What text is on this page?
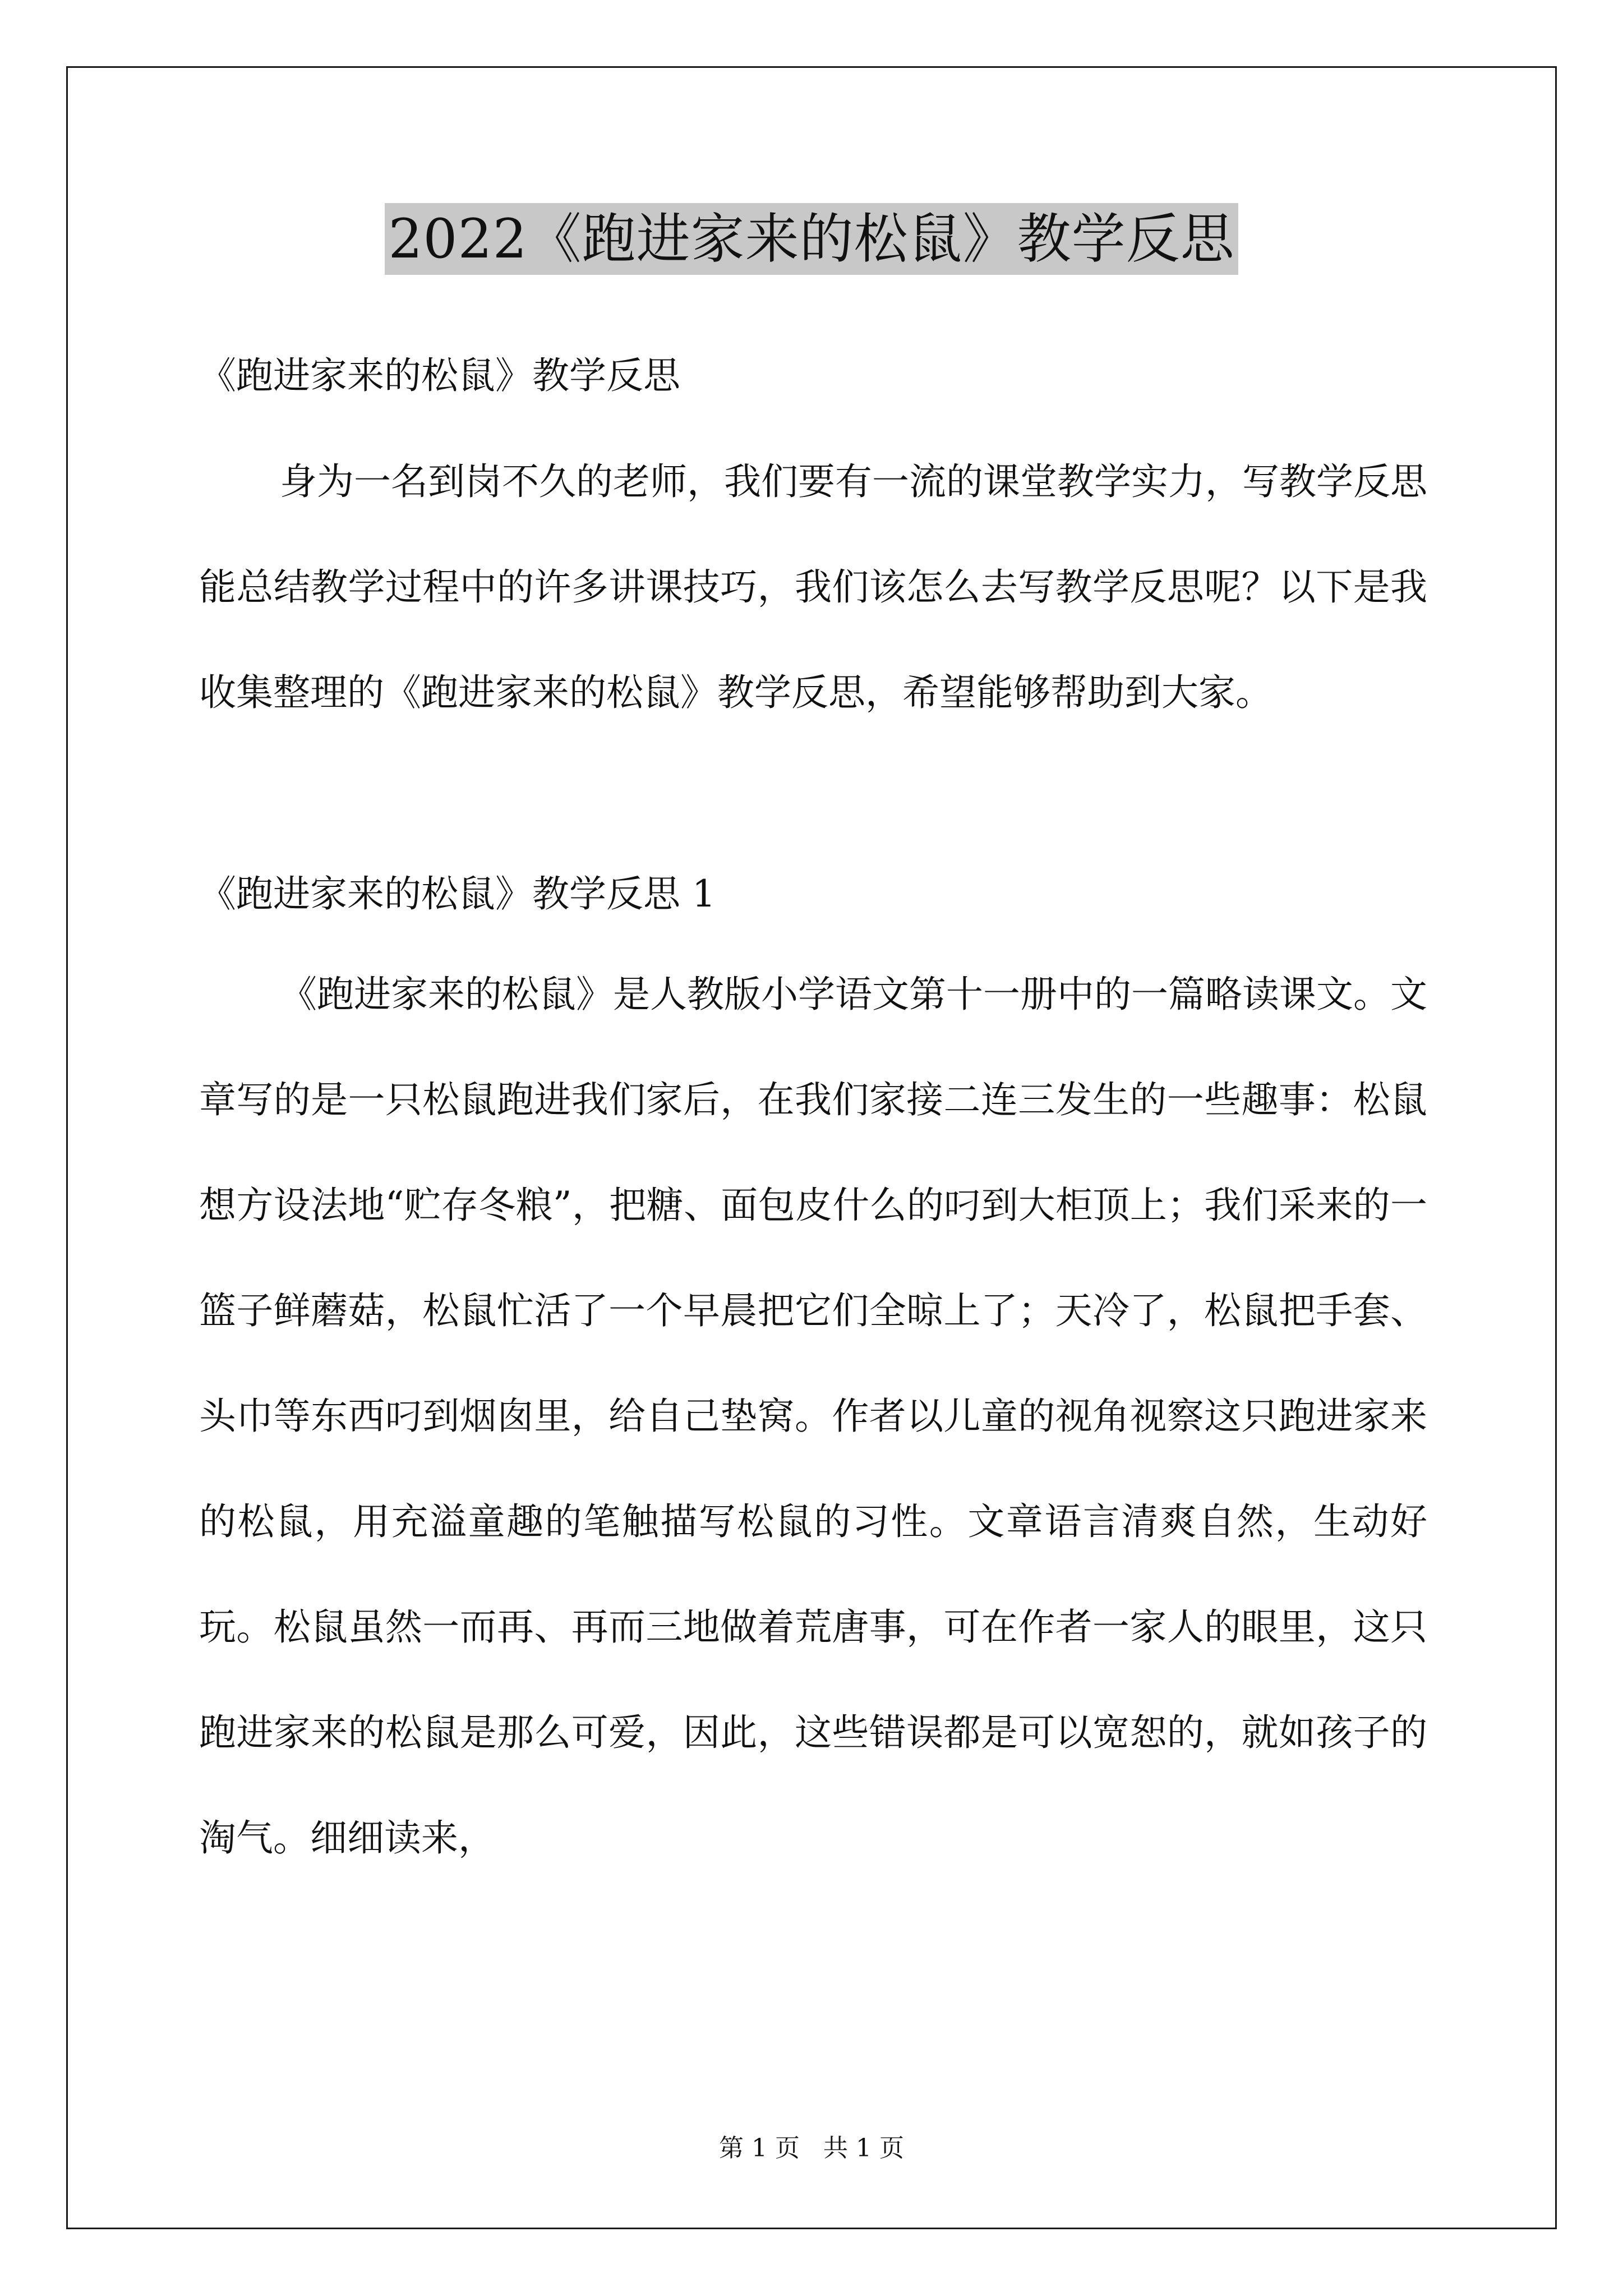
2022《跑进家来的松鼠》教学反思

《跑进家来的松鼠》教学反思

身为一名到岗不久的老师，我们要有一流的课堂教学实力，写教学反思能总结教学过程中的许多讲课技巧，我们该怎么去写教学反思呢？以下是我收集整理的《跑进家来的松鼠》教学反思，希望能够帮助到大家。

《跑进家来的松鼠》教学反思 1

《跑进家来的松鼠》是人教版小学语文第十一册中的一篇略读课文。文章写的是一只松鼠跑进我们家后，在我们家接二连三发生的一些趣事：松鼠想方设法地“贮存冬粮”，把糖、面包皮什么的叼到大柜顶上；我们采来的一篮子鲜蘑菇，松鼠忙活了一个早晨把它们全晾上了；天冷了，松鼠把手套、头巾等东西叼到烟囱里，给自己垫窝。作者以儿童的视角视察这只跑进家来的松鼠，用充溢童趣的笔触描写松鼠的习性。文章语言清爽自然，生动好玩。松鼠虽然一而再、再而三地做着荒唐事，可在作者一家人的眼里，这只跑进家来的松鼠是那么可爱，因此，这些错误都是可以宽恕的，就如孩子的淘气。细细读来，

第 1 页   共 1 页
